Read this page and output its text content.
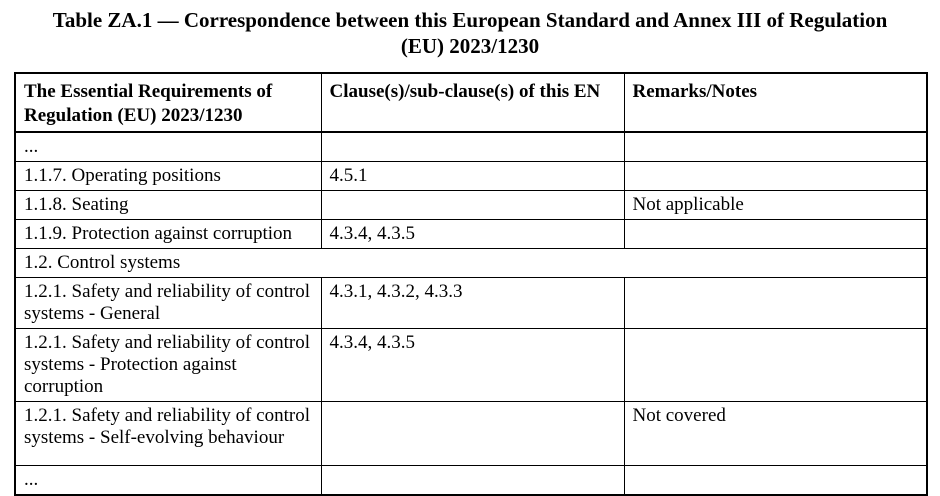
Table ZA.1 — Correspondence between this European Standard and Annex III of Regulation
(EU) 2023/1230
The Essential Requirements of Regulation (EU) 2023/1230	Clause(s)/sub-clause(s) of this EN	Remarks/Notes
...		
1.1.7. Operating positions	4.5.1	
1.1.8. Seating		Not applicable
1.1.9. Protection against corruption	4.3.4, 4.3.5	
1.2. Control systems		
1.2.1. Safety and reliability of control systems - General	4.3.1, 4.3.2, 4.3.3	
1.2.1. Safety and reliability of control systems - Protection against corruption	4.3.4, 4.3.5	
1.2.1. Safety and reliability of control systems - Self-evolving behaviour		Not covered
...		
